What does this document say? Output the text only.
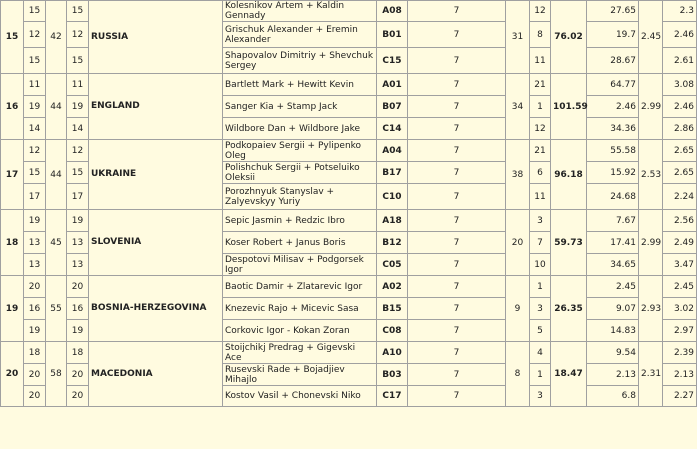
15	15	42	15	RUSSIA	Kolesnikov Artem + Kaldin Gennady	A08	7	31	12	76.02	27.65	2.45	2.3
	12		12		Grischuk Alexander + Eremin Alexander	B01	7		8		19.7		2.46
	15		15		Shapovalov Dimitriy + Shevchuk Sergey	C15	7		11		28.67		2.61
16	11	44	11	ENGLAND	Bartlett Mark + Hewitt Kevin	A01	7	34	21	101.59	64.77	2.99	3.08
	19		19		Sanger Kia + Stamp Jack	B07	7		1		2.46		2.46
	14		14		Wildbore Dan + Wildbore Jake	C14	7		12		34.36		2.86
17	12	44	12	UKRAINE	Podkopaiev Sergii + Pylipenko Oleg	A04	7	38	21	96.18	55.58	2.53	2.65
	15		15		Polishchuk Sergii + Potseluiko Oleksii	B17	7		6		15.92		2.65
	17		17		Porozhnyuk Stanyslav + Zalyevskyy Yuriy	C10	7		11		24.68		2.24
18	19	45	19	SLOVENIA	Sepic Jasmin + Redzic Ibro	A18	7	20	3	59.73	7.67	2.99	2.56
	13		13		Koser Robert + Janus Boris	B12	7		7		17.41		2.49
	13		13		Despotovi Milisav + Podgorsek Igor	C05	7		10		34.65		3.47
19	20	55	20	BOSNIA-HERZEGOVINA	Baotic Damir + Zlatarevic Igor	A02	7	9	1	26.35	2.45	2.93	2.45
	16		16		Knezevic Rajo + Micevic Sasa	B15	7		3		9.07		3.02
	19		19		Corkovic Igor - Kokan Zoran	C08	7		5		14.83		2.97
20	18	58	18	MACEDONIA	Stoijchikj Predrag + Gigevski Ace	A10	7	8	4	18.47	9.54	2.31	2.39
	20		20		Rusevski Rade + Bojadjiev Mihajlo	B03	7		1		2.13		2.13
	20		20		Kostov Vasil + Chonevski Niko	C17	7		3		6.8		2.27
